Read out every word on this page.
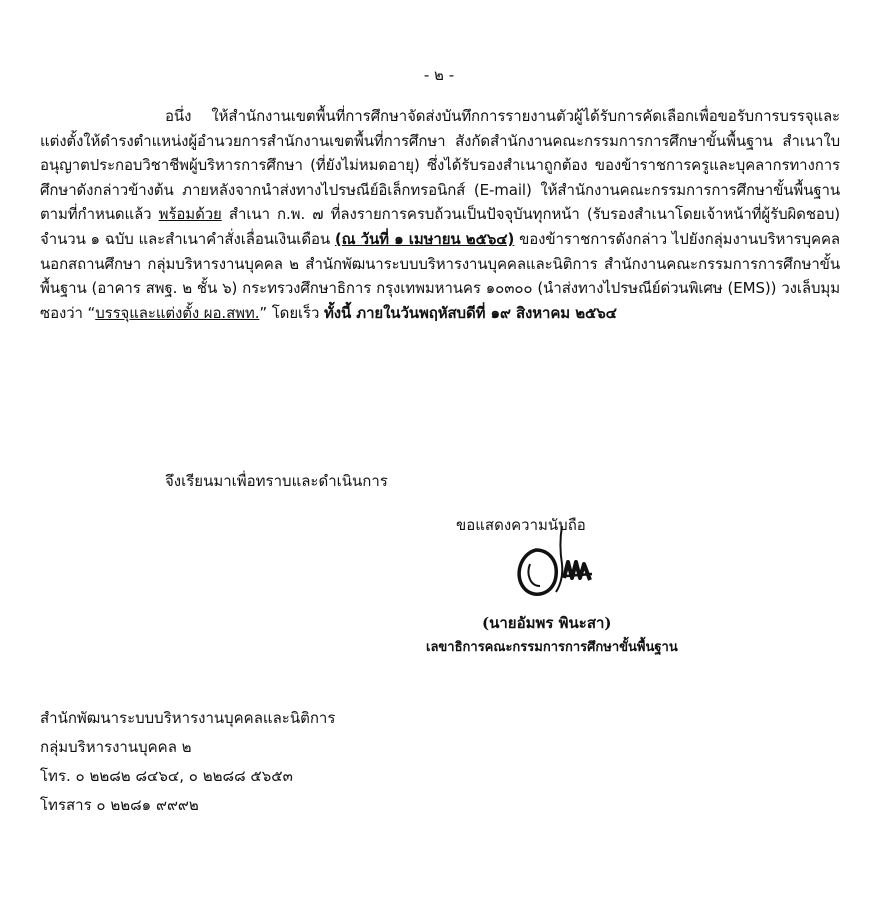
- ๒ -
อนึ่ง ให้สำนักงานเขตพื้นที่การศึกษาจัดส่งบันทึกการรายงานตัวผู้ได้รับการคัดเลือกเพื่อขอรับการบรรจุและแต่งตั้งให้ดำรงตำแหน่งผู้อำนวยการสำนักงานเขตพื้นที่การศึกษา สังกัดสำนักงานคณะกรรมการการศึกษาขั้นพื้นฐาน สำเนาใบอนุญาตประกอบวิชาชีพผู้บริหารการศึกษา (ที่ยังไม่หมดอายุ) ซึ่งได้รับรองสำเนาถูกต้อง ของข้าราชการครูและบุคลากรทางการศึกษาดังกล่าวข้างต้น ภายหลังจากนำส่งทางไปรษณีย์อิเล็กทรอนิกส์ (E-mail) ให้สำนักงานคณะกรรมการการศึกษาขั้นพื้นฐาน ตามที่กำหนดแล้ว พร้อมด้วย สำเนา ก.พ. ๗ ที่ลงรายการครบถ้วนเป็นปัจจุบันทุกหน้า (รับรองสำเนาโดยเจ้าหน้าที่ผู้รับผิดชอบ) จำนวน ๑ ฉบับ และสำเนาคำสั่งเลื่อนเงินเดือน (ณ วันที่ ๑ เมษายน ๒๕๖๔) ของข้าราชการดังกล่าว ไปยังกลุ่มงานบริหารบุคคลนอกสถานศึกษา กลุ่มบริหารงานบุคคล ๒ สำนักพัฒนาระบบบริหารงานบุคคลและนิติการ สำนักงานคณะกรรมการการศึกษาขั้นพื้นฐาน (อาคาร สพฐ. ๒ ชั้น ๖) กระทรวงศึกษาธิการ กรุงเทพมหานคร ๑๐๓๐๐ (นำส่งทางไปรษณีย์ด่วนพิเศษ (EMS)) วงเล็บมุมซองว่า “บรรจุและแต่งตั้ง ผอ.สพท.” โดยเร็ว ทั้งนี้ ภายในวันพฤหัสบดีที่ ๑๙ สิงหาคม ๒๕๖๔
จึงเรียนมาเพื่อทราบและดำเนินการ
ขอแสดงความนับถือ
(นายอัมพร พินะสา)
เลขาธิการคณะกรรมการการศึกษาขั้นพื้นฐาน
สำนักพัฒนาระบบบริหารงานบุคคลและนิติการ
กลุ่มบริหารงานบุคคล ๒
โทร. ๐ ๒๒๘๒ ๘๔๖๔, ๐ ๒๒๘๘ ๕๖๕๓
โทรสาร ๐ ๒๒๘๑ ๙๙๙๒
